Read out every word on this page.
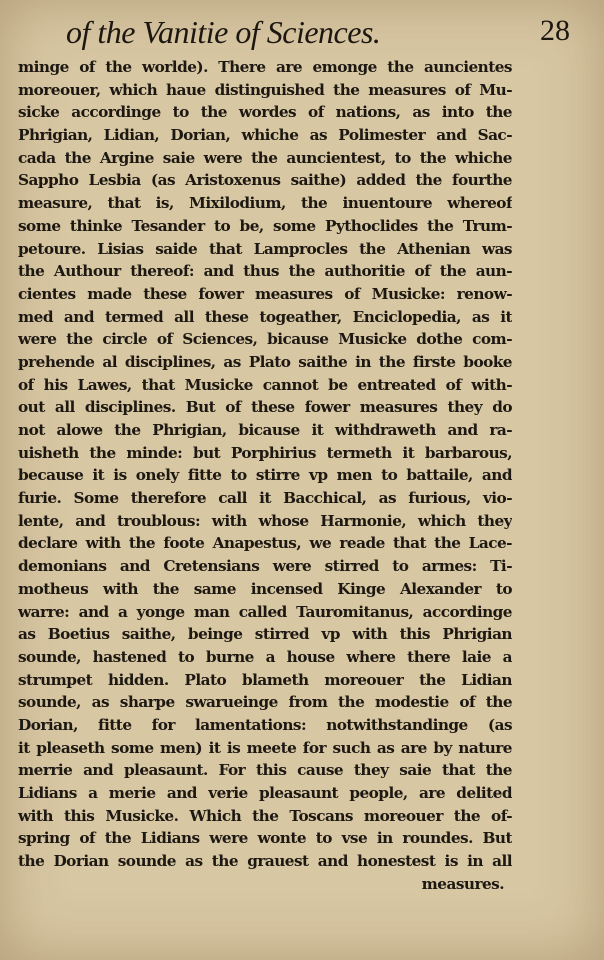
of the Vanitie of Sciences.	28
minge of the worlde). There are emonge the auncientes
moreouer, which haue distinguished the measures of Mu-
sicke accordinge to the wordes of nations, as into the
Phrigian, Lidian, Dorian, whiche as Polimester and Sac-
cada the Argine saie were the auncientest, to the whiche
Sappho Lesbia (as Aristoxenus saithe) added the fourthe
measure, that is, Mixilodium, the inuentoure whereof
some thinke Tesander to be, some Pythoclides the Trum-
petoure. Lisias saide that Lamprocles the Athenian was
the Authour thereof: and thus the authoritie of the aun-
cientes made these fower measures of Musicke: renow-
med and termed all these togeather, Enciclopedia, as it
were the circle of Sciences, bicause Musicke dothe com-
prehende al disciplines, as Plato saithe in the firste booke
of his Lawes, that Musicke cannot be entreated of with-
out all disciplines. But of these fower measures they do
not alowe the Phrigian, bicause it withdraweth and ra-
uisheth the minde: but Porphirius termeth it barbarous,
because it is onely fitte to stirre vp men to battaile, and
furie. Some therefore call it Bacchical, as furious, vio-
lente, and troublous: with whose Harmonie, which they
declare with the foote Anapestus, we reade that the Lace-
demonians and Cretensians were stirred to armes: Ti-
motheus with the same incensed Kinge Alexander to
warre: and a yonge man called Tauromitanus, accordinge
as Boetius saithe, beinge stirred vp with this Phrigian
sounde, hastened to burne a house where there laie a
strumpet hidden. Plato blameth moreouer the Lidian
sounde, as sharpe swarueinge from the modestie of the
Dorian, fitte for lamentations: notwithstandinge (as
it pleaseth some men) it is meete for such as are by nature
merrie and pleasaunt. For this cause they saie that the
Lidians a merie and verie pleasaunt people, are delited
with this Musicke. Which the Toscans moreouer the of-
spring of the Lidians were wonte to vse in roundes. But
the Dorian sounde as the grauest and honestest is in all
measures.
